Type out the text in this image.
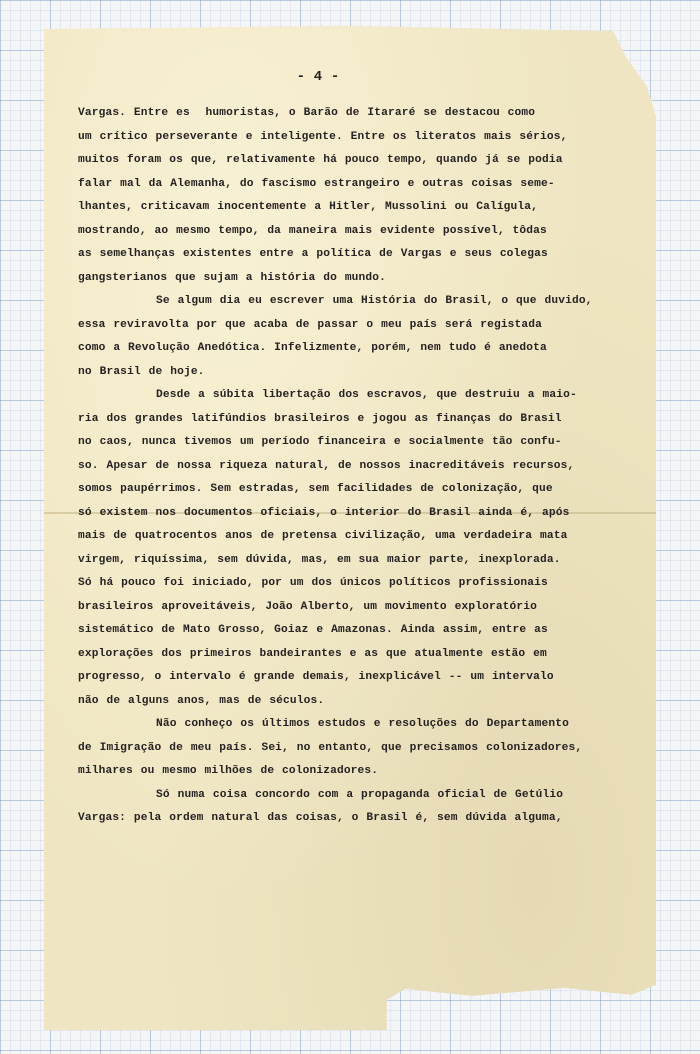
- 4 -
Vargas. Entre es  humoristas, o Barão de Itararé se destacou como
um crítico perseverante e inteligente. Entre os literatos mais sérios,
muitos foram os que, relativamente há pouco tempo, quando já se podia
falar mal da Alemanha, do fascismo estrangeiro e outras coisas seme-
lhantes, criticavam inocentemente a Hitler, Mussolini ou Calígula,
mostrando, ao mesmo tempo, da maneira mais evidente possível, tôdas
as semelhanças existentes entre a política de Vargas e seus colegas
gangsterianos que sujam a história do mundo.
Se algum dia eu escrever uma História do Brasil, o que duvido,
essa reviravolta por que acaba de passar o meu país será registada
como a Revolução Anedótica. Infelizmente, porém, nem tudo é anedota
no Brasil de hoje.
Desde a súbita libertação dos escravos, que destruiu a maio-
ria dos grandes latifúndios brasileiros e jogou as finanças do Brasil
no caos, nunca tivemos um período financeira e socialmente tão confu-
so. Apesar de nossa riqueza natural, de nossos inacreditáveis recursos,
somos paupérrimos. Sem estradas, sem facilidades de colonização, que
só existem nos documentos oficiais, o interior do Brasil ainda é, após
mais de quatrocentos anos de pretensa civilização, uma verdadeira mata
virgem, riquíssima, sem dúvida, mas, em sua maior parte, inexplorada.
Só há pouco foi iniciado, por um dos únicos políticos profissionais
brasileiros aproveitáveis, João Alberto, um movimento exploratório
sistemático de Mato Grosso, Goiaz e Amazonas. Ainda assim, entre as
explorações dos primeiros bandeirantes e as que atualmente estão em
progresso, o intervalo é grande demais, inexplicável -- um intervalo
não de alguns anos, mas de séculos.
Não conheço os últimos estudos e resoluções do Departamento
de Imigração de meu país. Sei, no entanto, que precisamos colonizadores,
milhares ou mesmo milhões de colonizadores.
Só numa coisa concordo com a propaganda oficial de Getúlio
Vargas: pela ordem natural das coisas, o Brasil é, sem dúvida alguma,
